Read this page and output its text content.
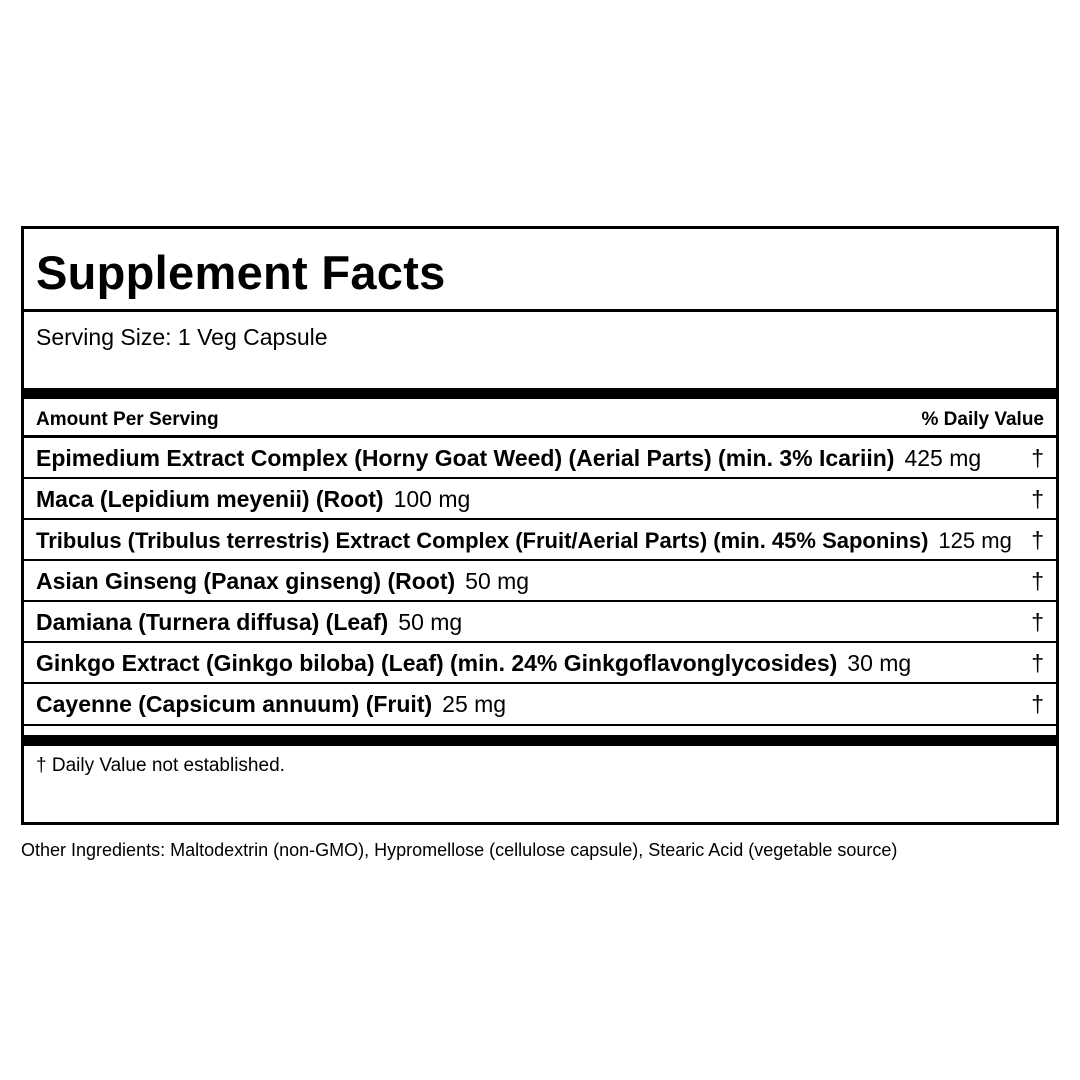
Supplement Facts
Serving Size: 1 Veg Capsule
Amount Per Serving	% Daily Value
Epimedium Extract Complex (Horny Goat Weed) (Aerial Parts) (min. 3% Icariin) 425 mg †
Maca (Lepidium meyenii) (Root) 100 mg	†
Tribulus (Tribulus terrestris) Extract Complex (Fruit/Aerial Parts) (min. 45% Saponins) 125 mg †
Asian Ginseng (Panax ginseng) (Root) 50 mg	†
Damiana (Turnera diffusa) (Leaf) 50 mg	†
Ginkgo Extract (Ginkgo biloba) (Leaf) (min. 24% Ginkgoflavonglycosides) 30 mg	†
Cayenne (Capsicum annuum) (Fruit) 25 mg	†
† Daily Value not established.
Other Ingredients: Maltodextrin (non-GMO), Hypromellose (cellulose capsule), Stearic Acid (vegetable source)
